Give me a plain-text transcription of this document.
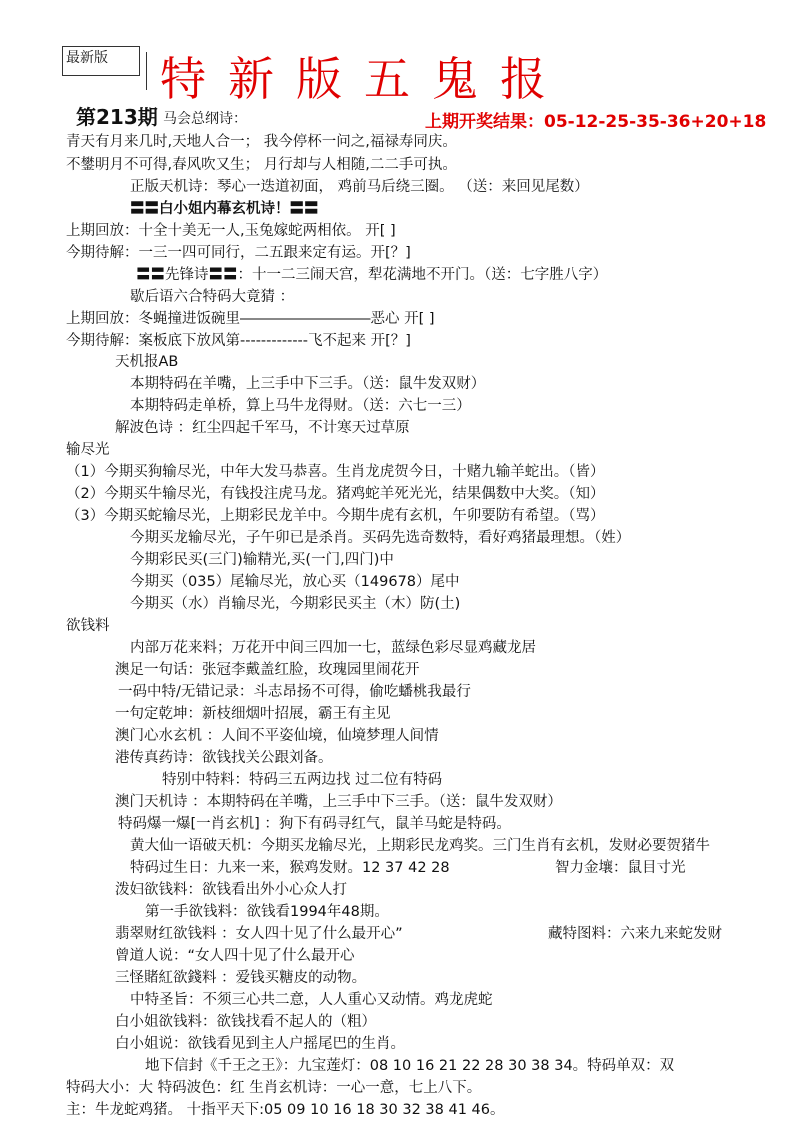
最新版	特新版五鬼报
第213期 马会总纲诗：	上期开奖结果：05-12-25-35-36+20+18
青天有月来几时,天地人合一； 我今停杯一问之,福禄寿同庆。
不鐢明月不可得,春风吹又生； 月行却与人相随,二二手可执。
正版天机诗：琴心一迭道初面， 鸡前马后绕三圈。 （送：来回见尾数）
〓〓白小姐内幕玄机诗！〓〓
上期回放：十全十美无一人,玉兔嫁蛇两相依。 开[ ]
今期待解：一三一四可同行，二五跟来定有运。开[？]
〓〓先锋诗〓〓：十一二三闹天宫，犁花满地不开门。（送：七字胜八字）
歇后语六合特码大竟猜 ：
上期回放：冬蝇撞进饭碗里―――――――――恶心 开[ ]
今期待解：案板底下放风第-------------飞不起来 开[？]
天机报AB
本期特码在羊嘴，上三手中下三手。（送：鼠牛发双财）
本期特码走单桥，算上马牛龙得财。（送：六七一三）
解波色诗 ：红尘四起千军马，不计寒天过草原
输尽光
（1）今期买狗输尽光，中年大发马恭喜。生肖龙虎贺今日，十赌九输羊蛇出。（皆）
（2）今期买牛输尽光，有钱投注虎马龙。猪鸡蛇羊死光光，结果偶数中大奖。（知）
（3）今期买蛇输尽光，上期彩民龙羊中。今期牛虎有玄机，午卯要防有希望。（骂）
今期买龙输尽光，子午卯已是杀肖。买码先选奇数特，看好鸡猪最理想。（姓）
今期彩民买(三门)输精光,买(一门,四门)中
今期买（035）尾输尽光，放心买（149678）尾中
今期买（水）肖输尽光，今期彩民买主（木）防(土)
欲钱料
内部万花来料；万花开中间三四加一七，蓝绿色彩尽显鸡藏龙居
澳足一句话：张冠李戴盖红脸，玫瑰园里闹花开
一码中特/无错记录：斗志昂扬不可得，偷吃蟠桃我最行
一句定乾坤：新枝细烟叶招展，霸王有主见
澳门心水玄机 ：人间不平姿仙境，仙境梦理人间情
港传真药诗：欲钱找关公跟刘备。
特别中特料：特码三五两边找 过二位有特码
澳门天机诗 ：本期特码在羊嘴，上三手中下三手。（送：鼠牛发双财）
特码爆一爆[一肖玄机] ：狗下有码寻红气，鼠羊马蛇是特码。
黄大仙一语破天机：今期买龙输尽光，上期彩民龙鸡奖。三门生肖有玄机，发财必要贺猪牛
特码过生日：九来一来，猴鸡发财。12 37 42 28	智力金壤：鼠目寸光
泼妇欲钱料：欲钱看出外小心众人打
第一手欲钱料：欲钱看1994年48期。
翡翠财红欲钱料 ：女人四十见了什么最开心”	藏特图料：六来九来蛇发财
曾道人说：“女人四十见了什么最开心
三怪賭紅欲錢料 ：爱钱买糖皮的动物。
中特圣旨：不须三心共二意，人人重心又动情。鸡龙虎蛇
白小姐欲钱料：欲钱找看不起人的（粗）
白小姐说：欲钱看见到主人户摇尾巴的生肖。
地下信封《千王之王》：九宝莲灯：08 10 16 21 22 28 30 38 34。特码单双：双
特码大小：大 特码波色：红 生肖玄机诗：一心一意，七上八下。
主：牛龙蛇鸡猪。 十指平天下:05 09 10 16 18 30 32 38 41 46。
